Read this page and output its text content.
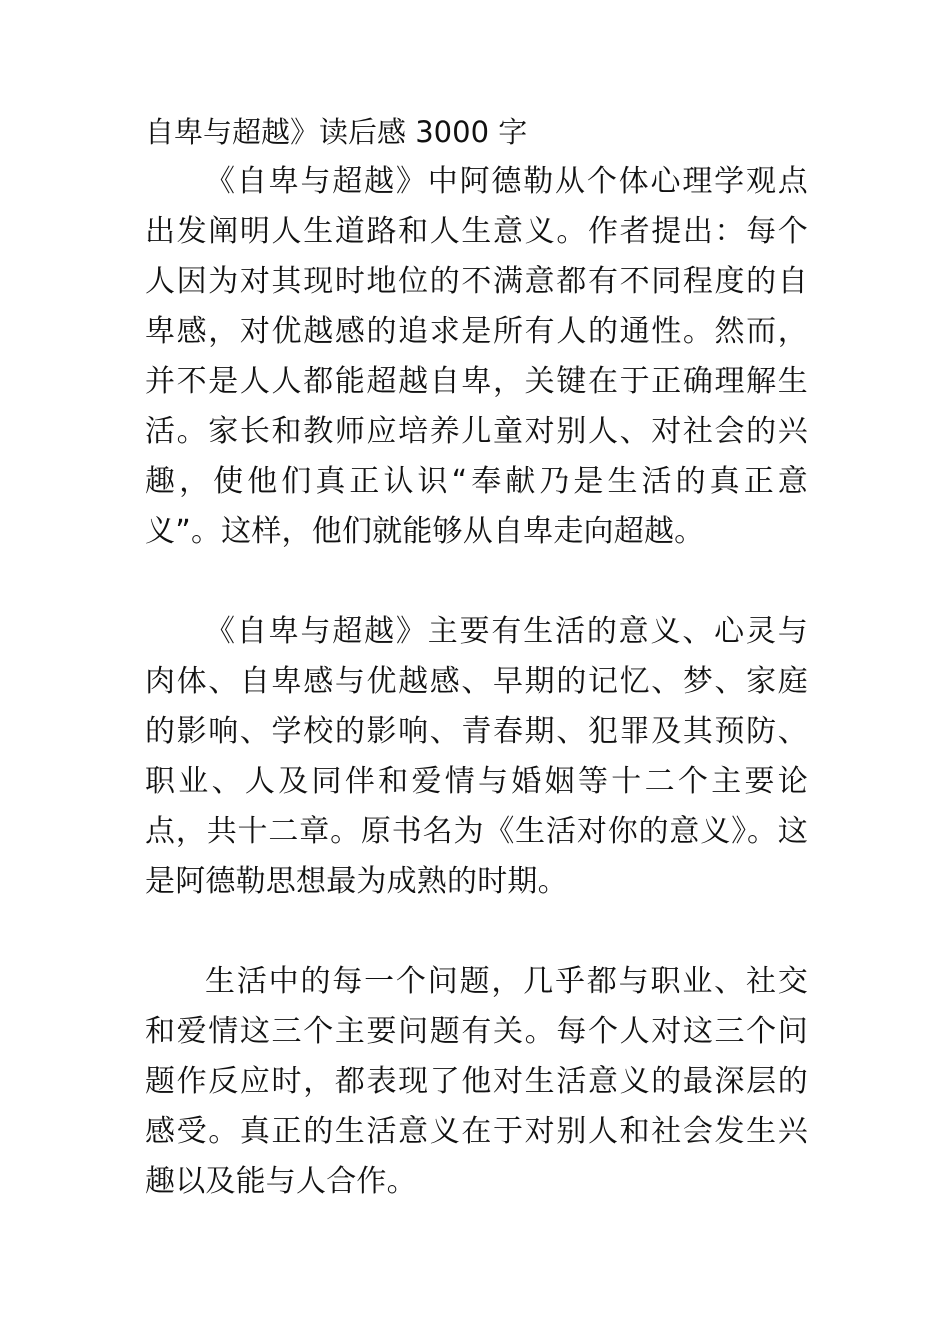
自卑与超越》读后感 3000 字

《自卑与超越》中阿德勒从个体心理学观点出发阐明人生道路和人生意义。作者提出：每个人因为对其现时地位的不满意都有不同程度的自卑感，对优越感的追求是所有人的通性。然而，并不是人人都能超越自卑，关键在于正确理解生活。家长和教师应培养儿童对别人、对社会的兴趣，使他们真正认识“奉献乃是生活的真正意义”。这样，他们就能够从自卑走向超越。

《自卑与超越》主要有生活的意义、心灵与肉体、自卑感与优越感、早期的记忆、梦、家庭的影响、学校的影响、青春期、犯罪及其预防、职业、人及同伴和爱情与婚姻等十二个主要论点，共十二章。原书名为《生活对你的意义》。这是阿德勒思想最为成熟的时期。

生活中的每一个问题，几乎都与职业、社交和爱情这三个主要问题有关。每个人对这三个问题作反应时，都表现了他对生活意义的最深层的感受。真正的生活意义在于对别人和社会发生兴趣以及能与人合作。
